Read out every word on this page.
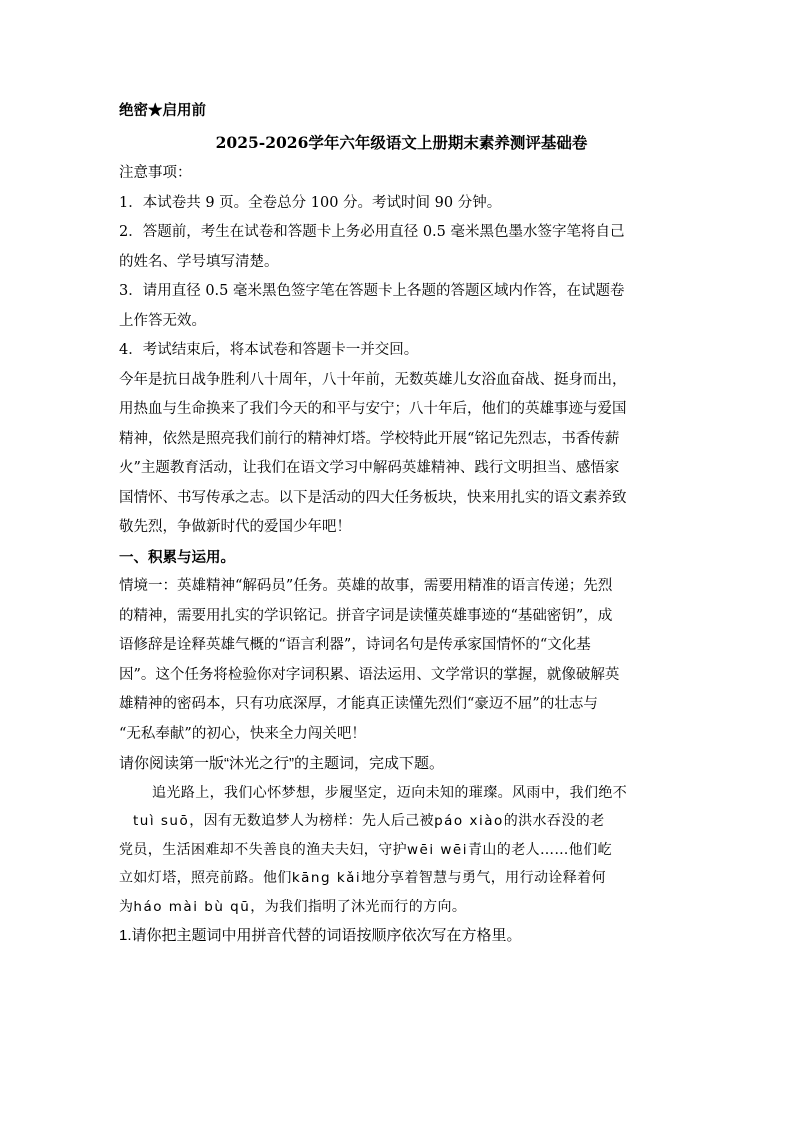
绝密★启用前
2025-2026学年六年级语文上册期末素养测评基础卷
注意事项：
1．本试卷共 9 页。全卷总分 100 分。考试时间 90 分钟。
2．答题前，考生在试卷和答题卡上务必用直径 0.5 毫米黑色墨水签字笔将自己
的姓名、学号填写清楚。
3．请用直径 0.5 毫米黑色签字笔在答题卡上各题的答题区域内作答，在试题卷
上作答无效。
4．考试结束后，将本试卷和答题卡一并交回。
今年是抗日战争胜利八十周年，八十年前，无数英雄儿女浴血奋战、挺身而出，
用热血与生命换来了我们今天的和平与安宁；八十年后，他们的英雄事迹与爱国
精神，依然是照亮我们前行的精神灯塔。学校特此开展“铭记先烈志，书香传薪
火”主题教育活动，让我们在语文学习中解码英雄精神、践行文明担当、感悟家
国情怀、书写传承之志。以下是活动的四大任务板块，快来用扎实的语文素养致
敬先烈，争做新时代的爱国少年吧！
一、积累与运用。
情境一：英雄精神“解码员”任务。英雄的故事，需要用精准的语言传递；先烈
的精神，需要用扎实的学识铭记。拼音字词是读懂英雄事迹的“基础密钥”，成
语修辞是诠释英雄气概的“语言利器”，诗词名句是传承家国情怀的“文化基
因”。这个任务将检验你对字词积累、语法运用、文学常识的掌握，就像破解英
雄精神的密码本，只有功底深厚，才能真正读懂先烈们“豪迈不屈”的壮志与
“无私奉献”的初心，快来全力闯关吧！
请你阅读第一版“沐光之行”的主题词，完成下题。
追光路上，我们心怀梦想，步履坚定，迈向未知的璀璨。风雨中，我们绝不
tuì suō，因有无数追梦人为榜样：先人后己被páo xiào的洪水吞没的老
党员，生活困难却不失善良的渔夫夫妇，守护wēi wēi青山的老人……他们屹
立如灯塔，照亮前路。他们kāng kǎi地分享着智慧与勇气，用行动诠释着何
为háo mài bù qū，为我们指明了沐光而行的方向。
1.请你把主题词中用拼音代替的词语按顺序依次写在方格里。
